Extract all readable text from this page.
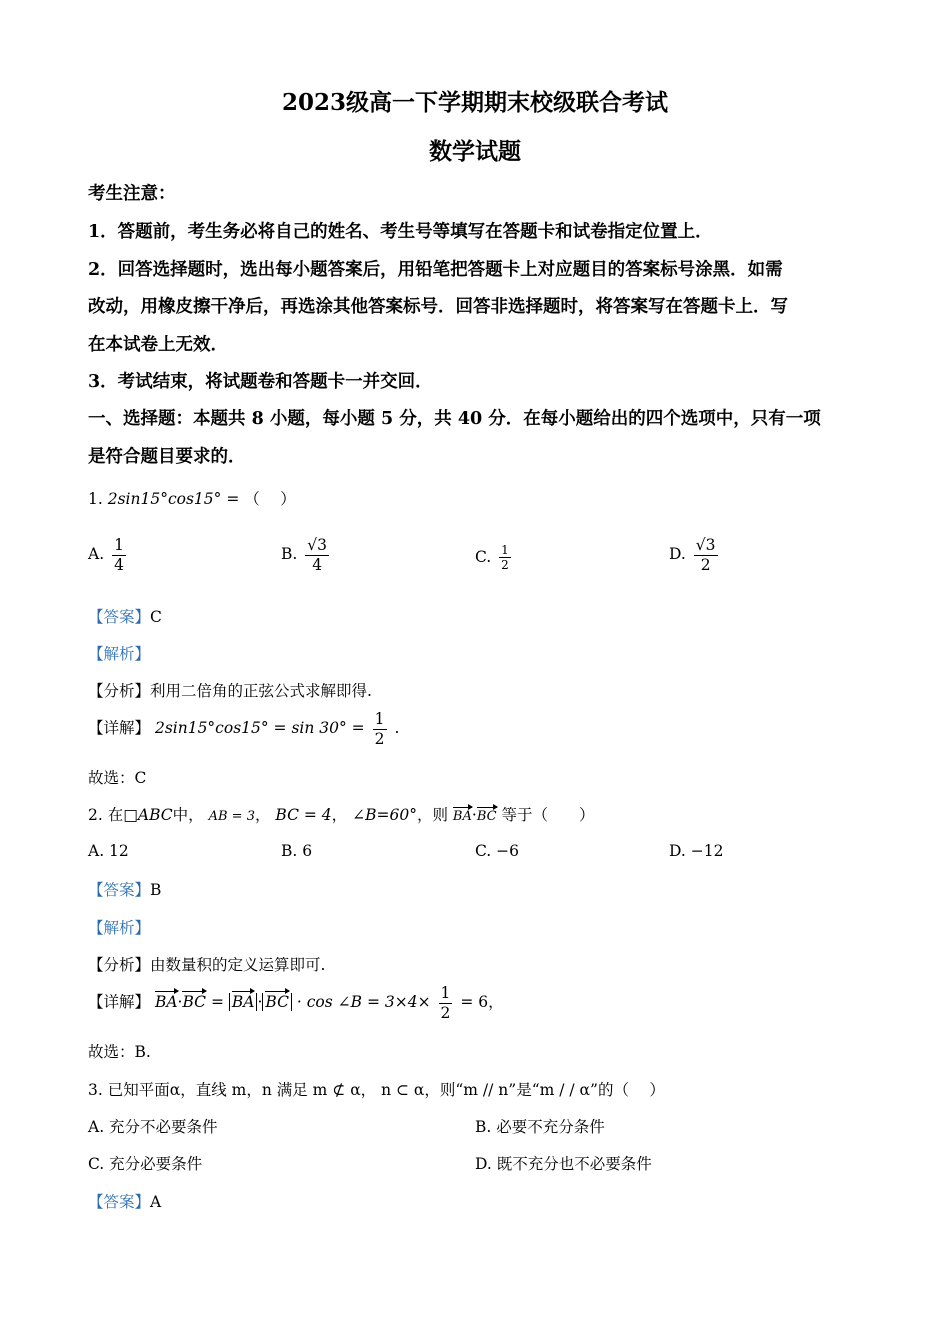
2023级高一下学期期末校级联合考试
数学试题
考生注意：
1．答题前，考生务必将自己的姓名、考生号等填写在答题卡和试卷指定位置上．
2．回答选择题时，选出每小题答案后，用铅笔把答题卡上对应题目的答案标号涂黑．如需
改动，用橡皮擦干净后，再选涂其他答案标号．回答非选择题时，将答案写在答题卡上．写
在本试卷上无效．
3．考试结束，将试题卷和答题卡一并交回．
一、选择题：本题共 8 小题，每小题 5 分，共 40 分．在每小题给出的四个选项中，只有一项
是符合题目要求的．
1. 2sin15°cos15° = （　 ）
A. $\frac{1}{4}$	B. $\frac{√3}{4}$	C. $\frac{1}{2}$	D. $\frac{√3}{2}$
【答案】C
【解析】
【分析】利用二倍角的正弦公式求解即得.
【详解】 $2\sin 15^\circ\cos 15^\circ = \sin 30^\circ = \frac{1}{2}$ .
故选：C
2. 在□ABC中， AB = 3， BC = 4， ∠B=60°，则 BA·BC 等于（　　）
A. 12	B. 6	C. −6	D. −12
【答案】B
【解析】
【分析】由数量积的定义运算即可.
【详解】 BA·BC = BA · BC · cos ∠B = $3\times 4\times \frac{1}{2} = 6$，
故选：B.
3. 已知平面α，直线 m，n 满足 m ⊄ α， n ⊂ α，则“m // n”是“m / / α”的（　 ）
A. 充分不必要条件	B. 必要不充分条件
C. 充分必要条件	D. 既不充分也不必要条件
【答案】A
